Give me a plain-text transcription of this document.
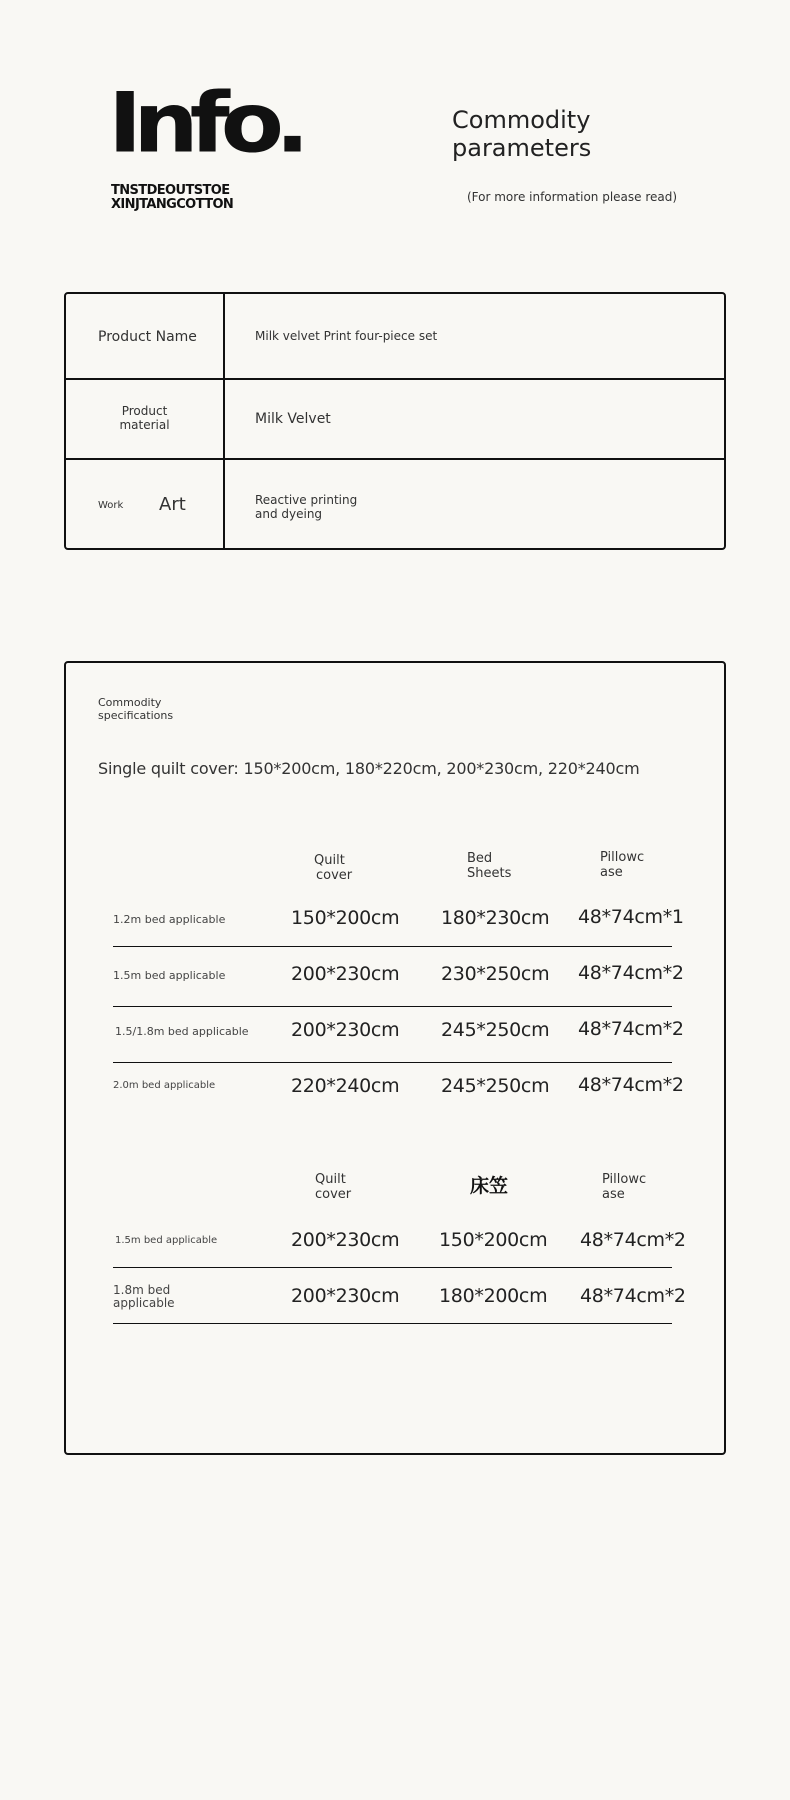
Info.
TNSTDEOUTSTOE
XINJTANGCOTTON
Commodity
parameters
(For more information please read)
Product Name	Milk velvet Print four-piece set
Product
material	Milk Velvet
Work Art	Reactive printing
and dyeing
Commodity
specifications
Single quilt cover: 150*200cm, 180*220cm, 200*230cm, 220*240cm
Quilt
cover
Bed
Sheets
Pillowc
ase
1.2m bed applicable	150*200cm 180*230cm 48*74cm*1
1.5m bed applicable	200*230cm 230*250cm 48*74cm*2
1.5/1.8m bed applicable 200*230cm 245*250cm 48*74cm*2
2.0m bed applicable	220*240cm 245*250cm 48*74cm*2
Quilt
cover	床笠	Pillowc
ase
1.5m bed applicable	200*230cm 150*200cm 48*74cm*2
1.8m bed
applicable	200*230cm 180*200cm 48*74cm*2
